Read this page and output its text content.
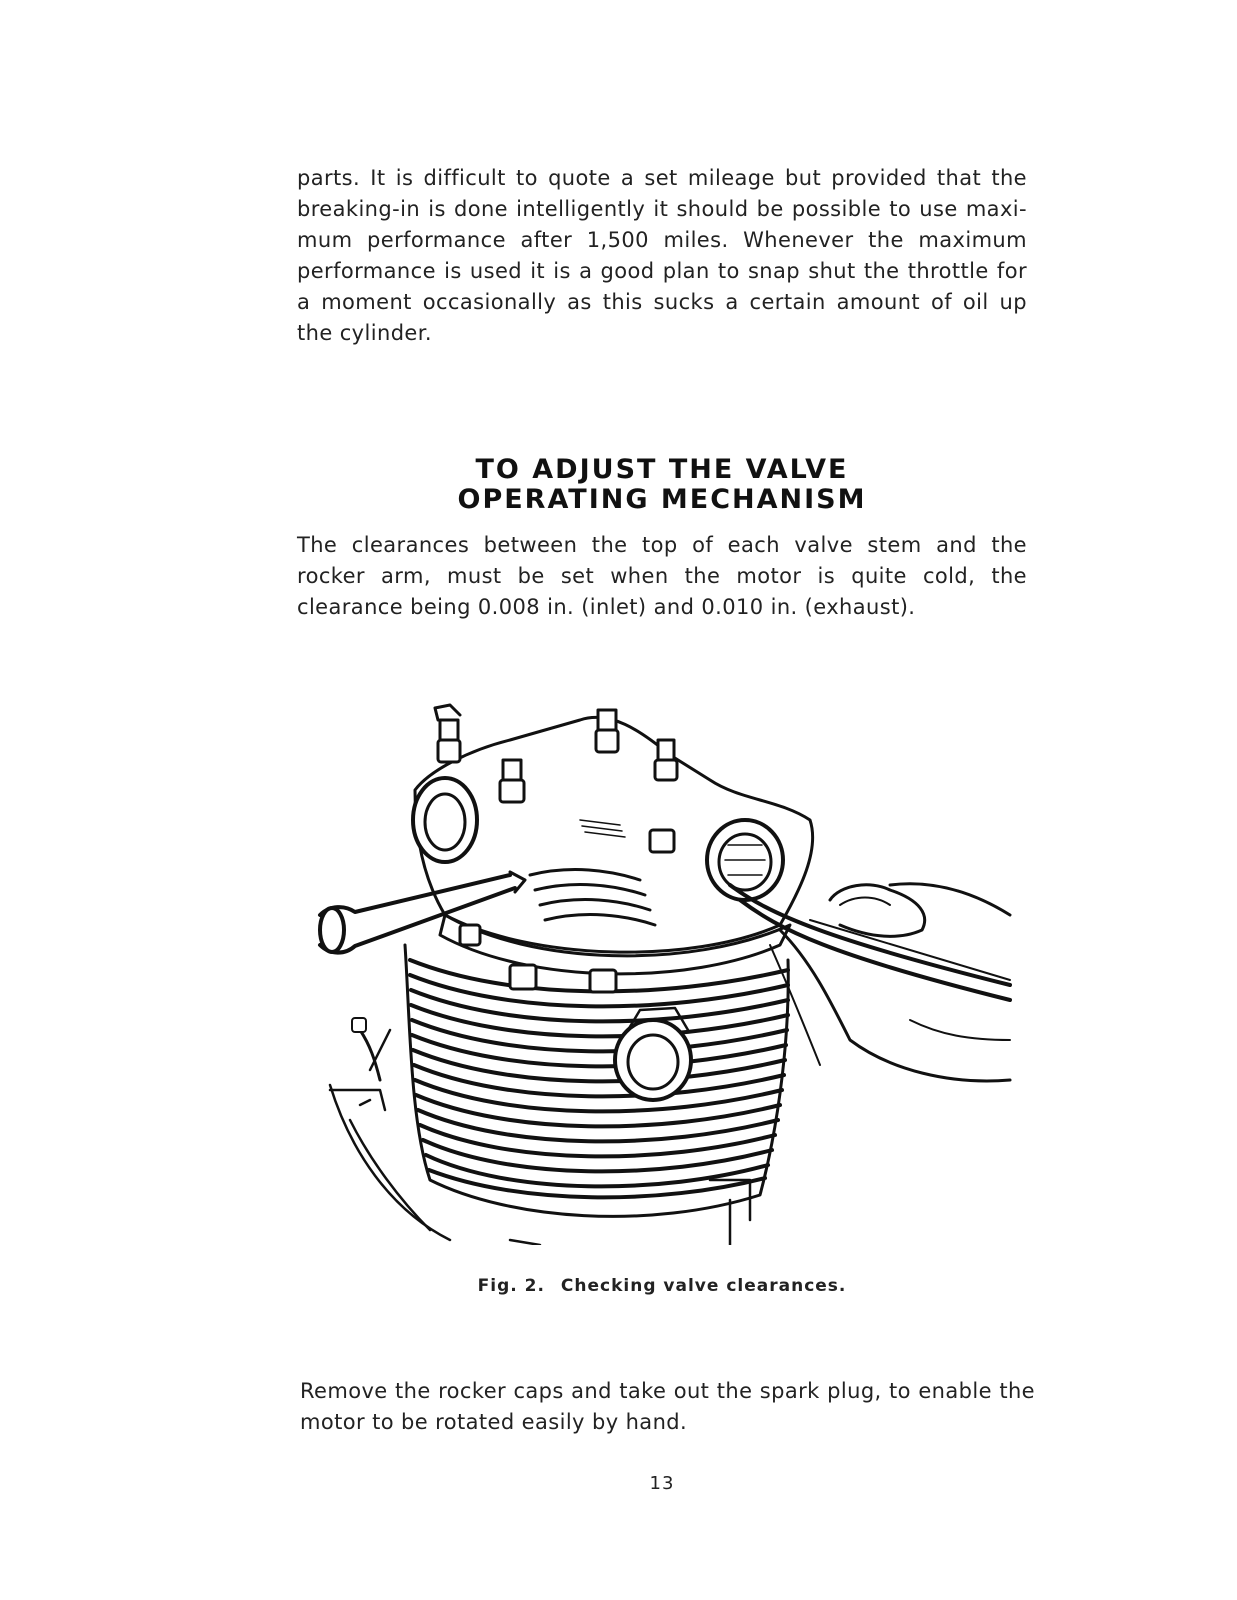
parts. It is difficult to quote a set mileage but provided that the breaking-in is done intelligently it should be possible to use maxi-mum performance after 1,500 miles. Whenever the maximum performance is used it is a good plan to snap shut the throttle for a moment occasionally as this sucks a certain amount of oil up the cylinder.

TO ADJUST THE VALVE
OPERATING MECHANISM

The clearances between the top of each valve stem and the rocker arm, must be set when the motor is quite cold, the clearance being 0.008 in. (inlet) and 0.010 in. (exhaust).

Fig. 2. Checking valve clearances.

Remove the rocker caps and take out the spark plug, to enable the motor to be rotated easily by hand.

13
